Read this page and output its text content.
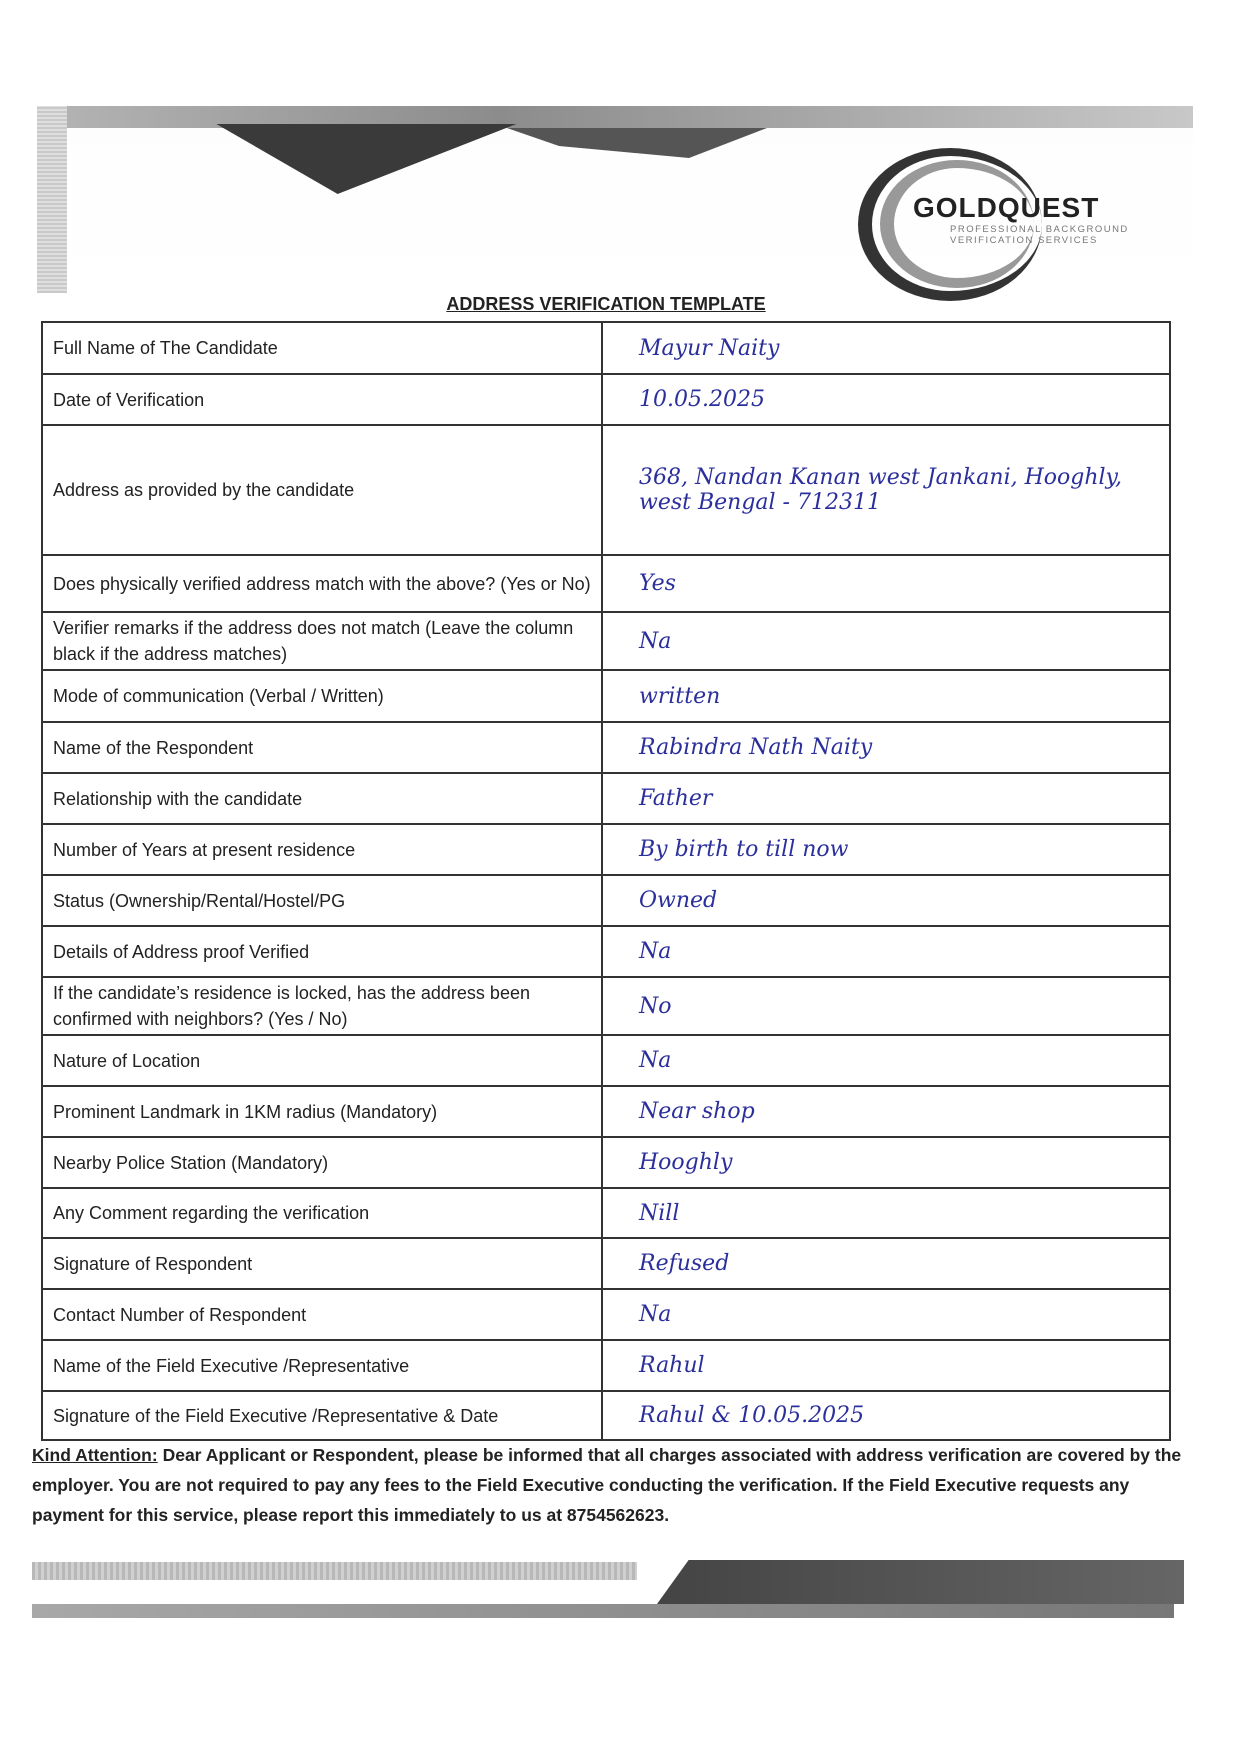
GOLDQUEST
PROFESSIONAL BACKGROUND
VERIFICATION SERVICES
ADDRESS VERIFICATION TEMPLATE
Full Name of The Candidate	Mayur Naity
Date of Verification	10.05.2025
Address as provided by the candidate	368, Nandan Kanan west Jankani, Hooghly, west Bengal - 712311
Does physically verified address match with the above? (Yes or No)	Yes
Verifier remarks if the address does not match (Leave the column black if the address matches)	Na
Mode of communication (Verbal / Written)	written
Name of the Respondent	Rabindra Nath Naity
Relationship with the candidate	Father
Number of Years at present residence	By birth to till now
Status (Ownership/Rental/Hostel/PG	Owned
Details of Address proof Verified	Na
If the candidate’s residence is locked, has the address been confirmed with neighbors? (Yes / No)	No
Nature of Location	Na
Prominent Landmark in 1KM radius (Mandatory)	Near shop
Nearby Police Station (Mandatory)	Hooghly
Any Comment regarding the verification	Nill
Signature of Respondent	Refused
Contact Number of Respondent	Na
Name of the Field Executive /Representative	Rahul
Signature of the Field Executive /Representative & Date	Rahul & 10.05.2025
Kind Attention: Dear Applicant or Respondent, please be informed that all charges associated with address verification are covered by the employer. You are not required to pay any fees to the Field Executive conducting the verification. If the Field Executive requests any payment for this service, please report this immediately to us at 8754562623.
